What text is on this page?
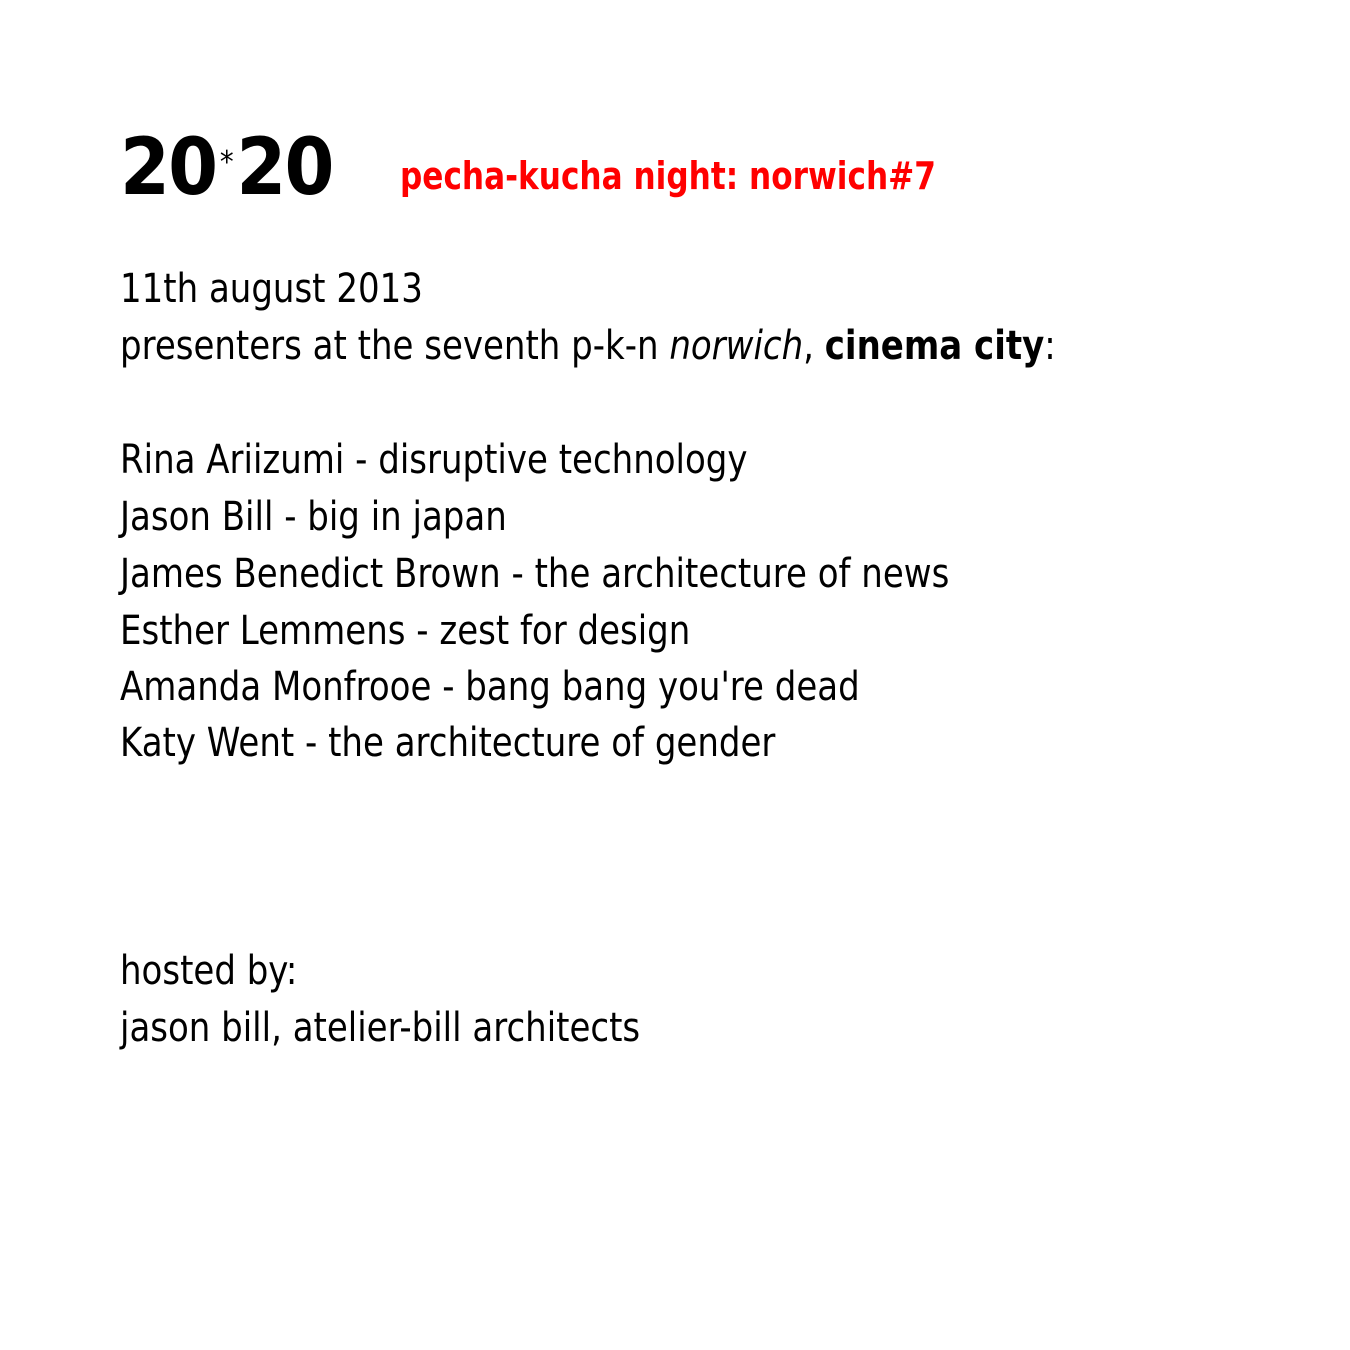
20 *20 pecha-kucha night: norwich#7
11th august 2013
presenters at the seventh p-k-n norwich, cinema city:
Rina Ariizumi - disruptive technology
Jason Bill - big in japan
James Benedict Brown - the architecture of news
Esther Lemmens - zest for design
Amanda Monfrooe - bang bang you're dead
Katy Went - the architecture of gender
hosted by:
jason bill, atelier-bill architects
